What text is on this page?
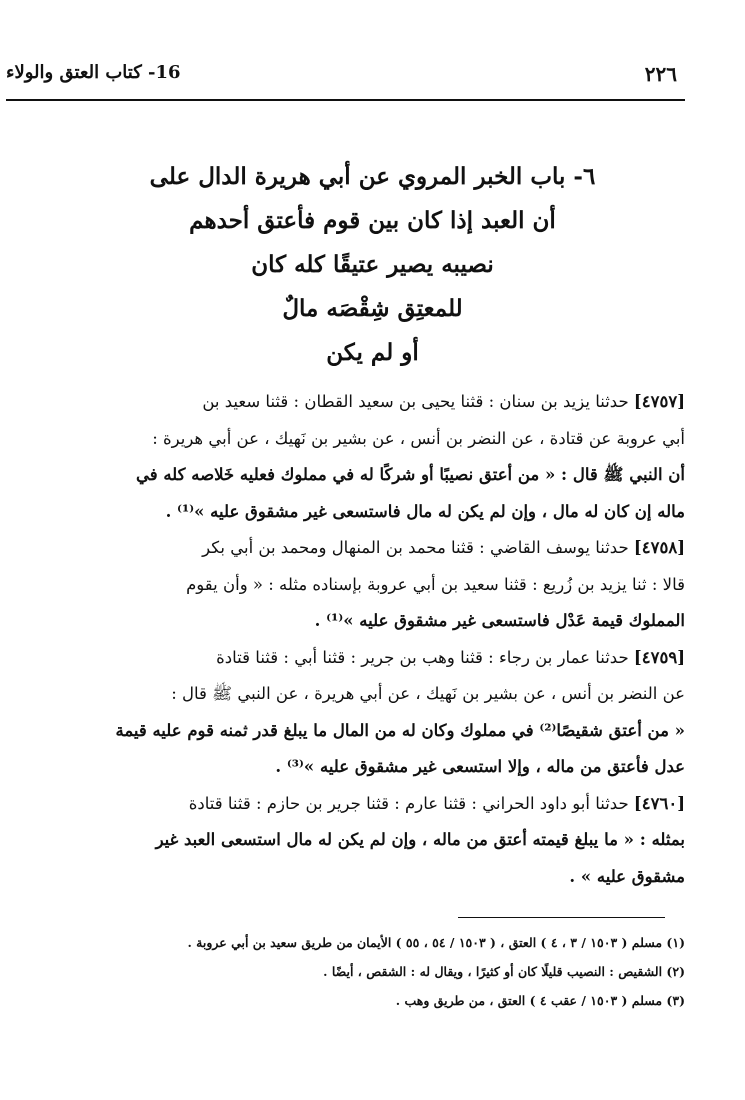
٢٢٦
16- كتاب العتق والولاء
٦- باب الخبر المروي عن أبي هريرة الدال على
أن العبد إذا كان بين قوم فأعتق أحدهم
نصيبه يصير عتيقًا كله كان
للمعتِق شِقْصَه مالٌ
أو لم يكن
[٤٧٥٧] حدثنا يزيد بن سنان : قثنا يحيى بن سعيد القطان : قثنا سعيد بن
أبي عروبة عن قتادة ، عن النضر بن أنس ، عن بشير بن نَهيك ، عن أبي هريرة :
أن النبي ﷺ قال : « من أعتق نصيبًا أو شركًا له في مملوك فعليه خَلاصه كله في
ماله إن كان له مال ، وإن لم يكن له مال فاستسعى غير مشقوق عليه »⁽¹⁾ .
[٤٧٥٨] حدثنا يوسف القاضي : قثنا محمد بن المنهال ومحمد بن أبي بكر
قالا : ثنا يزيد بن زُريع : قثنا سعيد بن أبي عروبة بإسناده مثله : « وأن يقوم
المملوك قيمة عَدْل فاستسعى غير مشقوق عليه »⁽¹⁾ .
[٤٧٥٩] حدثنا عمار بن رجاء : قثنا وهب بن جرير : قثنا أبي : قثنا قتادة
عن النضر بن أنس ، عن بشير بن نَهيك ، عن أبي هريرة ، عن النبي ﷺ قال :
« من أعتق شقيصًا⁽²⁾ في مملوك وكان له من المال ما يبلغ قدر ثمنه قوم عليه قيمة
عدل فأعتق من ماله ، وإلا استسعى غير مشقوق عليه »⁽³⁾ .
[٤٧٦٠] حدثنا أبو داود الحراني : قثنا عارم : قثنا جرير بن حازم : قثنا قتادة
بمثله : « ما يبلغ قيمته أعتق من ماله ، وإن لم يكن له مال استسعى العبد غير
مشقوق عليه » .
(١) مسلم ( ١٥٠٣ / ٣ ، ٤ ) العتق ، ( ١٥٠٣ / ٥٤ ، ٥٥ ) الأيمان من طريق سعيد بن أبي عروبة .
(٢) الشقيص : النصيب قليلًا كان أو كثيرًا ، ويقال له : الشقص ، أيضًا .
(٣) مسلم ( ١٥٠٣ / عقب ٤ ) العتق ، من طريق وهب .
